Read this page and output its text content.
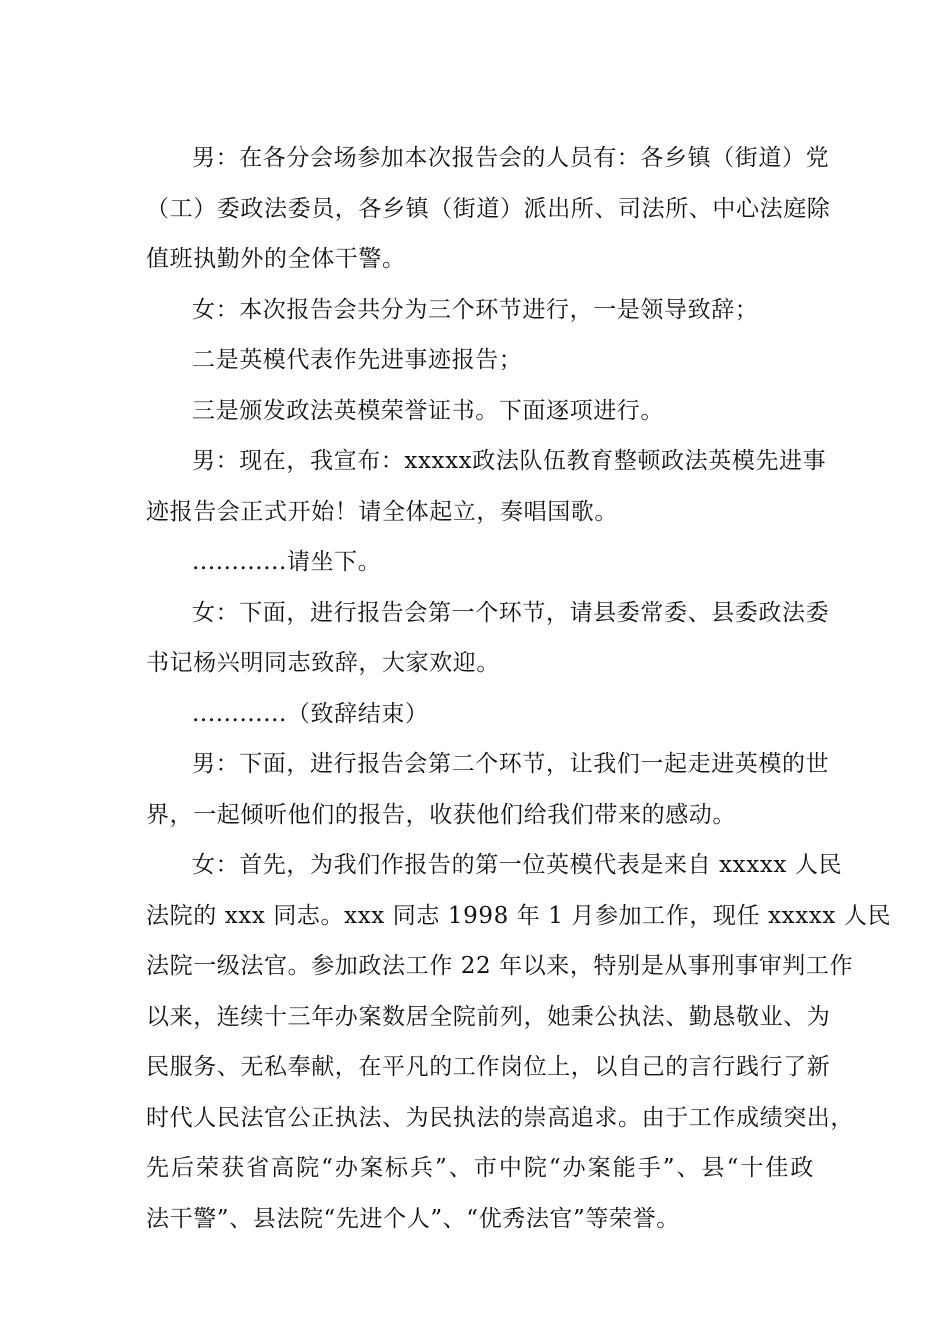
男：在各分会场参加本次报告会的人员有：各乡镇（街道）党
（工）委政法委员，各乡镇（街道）派出所、司法所、中心法庭除
值班执勤外的全体干警。

女：本次报告会共分为三个环节进行，一是领导致辞；

二是英模代表作先进事迹报告；

三是颁发政法英模荣誉证书。下面逐项进行。

男：现在，我宣布：xxxxx政法队伍教育整顿政法英模先进事
迹报告会正式开始！请全体起立，奏唱国歌。

............请坐下。

女：下面，进行报告会第一个环节，请县委常委、县委政法委
书记杨兴明同志致辞，大家欢迎。

............（致辞结束）

男：下面，进行报告会第二个环节，让我们一起走进英模的世
界，一起倾听他们的报告，收获他们给我们带来的感动。

女：首先，为我们作报告的第一位英模代表是来自 xxxxx 人民
法院的 xxx 同志。xxx 同志 1998 年 1 月参加工作，现任 xxxxx 人民
法院一级法官。参加政法工作 22 年以来，特别是从事刑事审判工作
以来，连续十三年办案数居全院前列，她秉公执法、勤恳敬业、为
民服务、无私奉献，在平凡的工作岗位上，以自己的言行践行了新
时代人民法官公正执法、为民执法的崇高追求。由于工作成绩突出，
先后荣获省高院“办案标兵”、市中院“办案能手”、县“十佳政
法干警”、县法院“先进个人”、“优秀法官”等荣誉。
